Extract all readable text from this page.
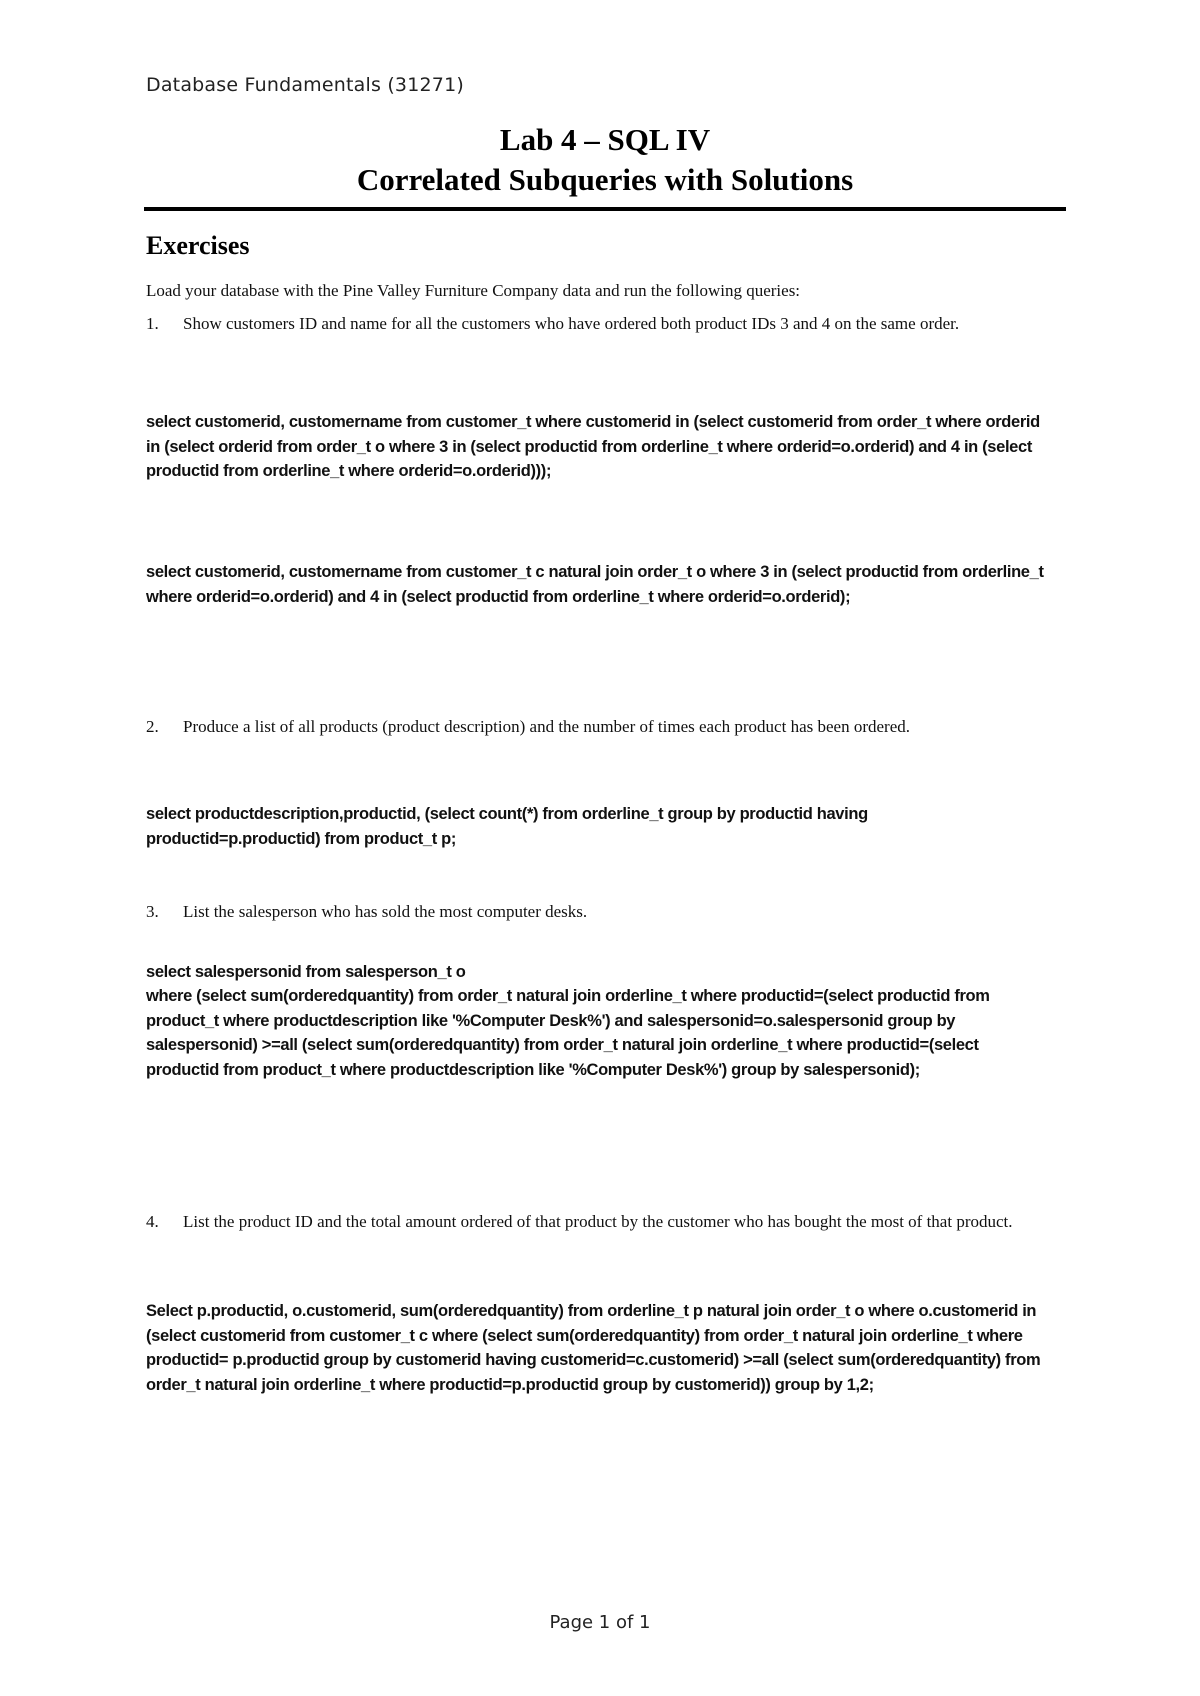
Database Fundamentals (31271)
Lab 4 – SQL IV
Correlated Subqueries with Solutions
Exercises
Load your database with the Pine Valley Furniture Company data and run the following queries:
1. Show customers ID and name for all the customers who have ordered both product IDs 3 and 4 on the same order.
select customerid, customername from customer_t where customerid in (select customerid from order_t where orderid in (select orderid from order_t o where 3 in (select productid from orderline_t where orderid=o.orderid) and 4 in (select productid from orderline_t where orderid=o.orderid)));
select customerid, customername from customer_t c natural join order_t o where 3 in (select productid from orderline_t where orderid=o.orderid) and 4 in (select productid from orderline_t where orderid=o.orderid);
2. Produce a list of all products (product description) and the number of times each product has been ordered.
select productdescription,productid, (select count(*) from orderline_t group by productid having productid=p.productid) from product_t p;
3. List the salesperson who has sold the most computer desks.
select salespersonid from salesperson_t o
where (select sum(orderedquantity) from order_t natural join orderline_t where productid=(select productid from product_t where productdescription like '%Computer Desk%') and salespersonid=o.salespersonid group by salespersonid) >=all (select sum(orderedquantity) from order_t natural join orderline_t where productid=(select productid from product_t where productdescription like '%Computer Desk%') group by salespersonid);
4. List the product ID and the total amount ordered of that product by the customer who has bought the most of that product.
Select p.productid, o.customerid, sum(orderedquantity) from orderline_t p natural join order_t o where o.customerid in (select customerid from customer_t c where (select sum(orderedquantity) from order_t natural join orderline_t where productid= p.productid group by customerid having customerid=c.customerid) >=all (select sum(orderedquantity) from order_t natural join orderline_t where productid=p.productid group by customerid)) group by 1,2;
Page 1 of 1
